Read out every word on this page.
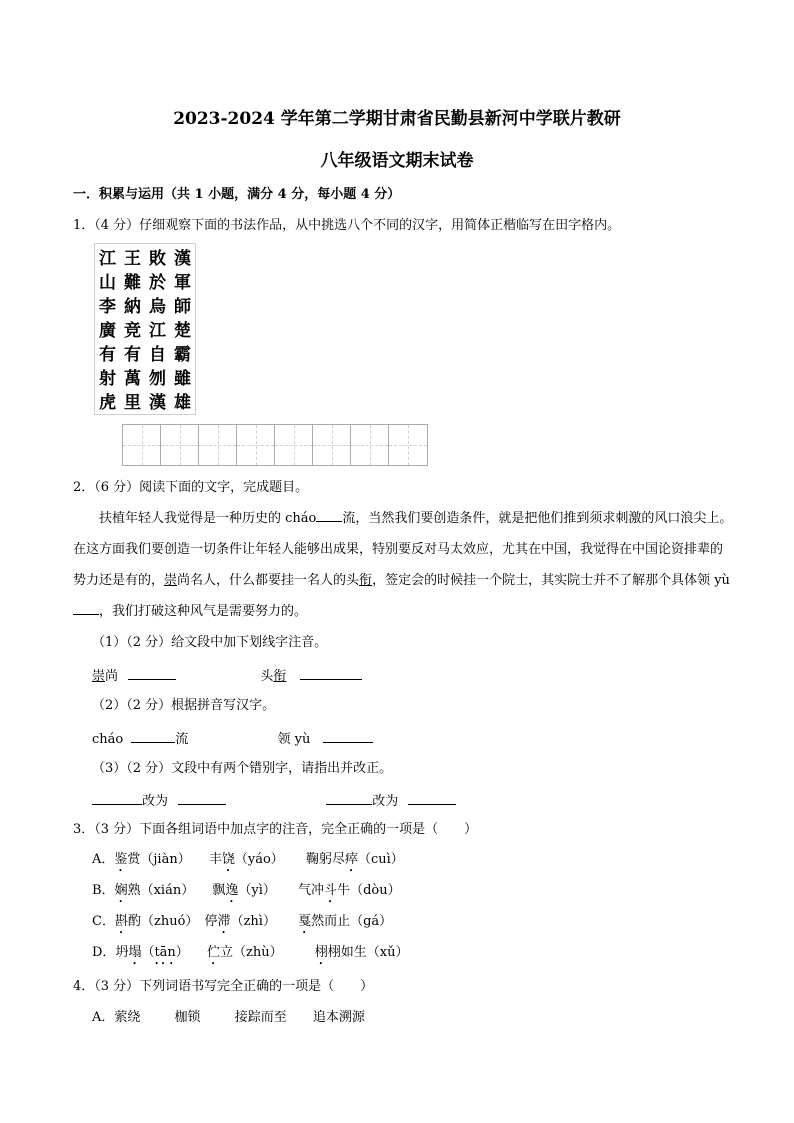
2023-2024 学年第二学期甘肃省民勤县新河中学联片教研
八年级语文期末试卷
一．积累与运用（共 1 小题，满分 4 分，每小题 4 分）
1．（4 分）仔细观察下面的书法作品，从中挑选八个不同的汉字，用简体正楷临写在田字格内。
江 王 敗 漢
山 難 於 軍
李 納 烏 師
廣 竞 江 楚
有 有 自 霸
射 萬 刎 雖
虎 里 漢 雄
2．（6 分）阅读下面的文字，完成题目。
扶植年轻人我觉得是一种历史的 cháo 流，当然我们要创造条件，就是把他们推到须求刺激的风口浪尖上。在这方面我们要创造一切条件让年轻人能够出成果，特别要反对马太效应，尤其在中国，我觉得在中国论资排辈的势力还是有的，崇尚名人，什么都要挂一名人的头衔，签定会的时候挂一个院士，其实院士并不了解那个具体领 yù，我们打破这种风气是需要努力的。
（1）（2 分）给文段中加下划线字注音。
崇尚	头衔
（2）（2 分）根据拼音写汉字。
cháo	流	领 yù
（3）（2 分）文段中有两个错别字，请指出并改正。
改为	改为
3．（3 分）下面各组词语中加点字的注音，完全正确的一项是（　　）
A．鉴赏（jiàn） 丰饶（yáo） 鞠躬尽瘁（cuì）
B．娴熟（xián） 飘逸（yì） 气冲斗牛（dòu）
C．斟酌（zhuó） 停滞（zhì） 戛然而止（gá）
D．坍塌（tān） 伫立（zhù） 栩栩如生（xǔ）
4．（3 分）下列词语书写完全正确的一项是（　　）
A．萦绕	枷锁	接踪而至 追本溯源
